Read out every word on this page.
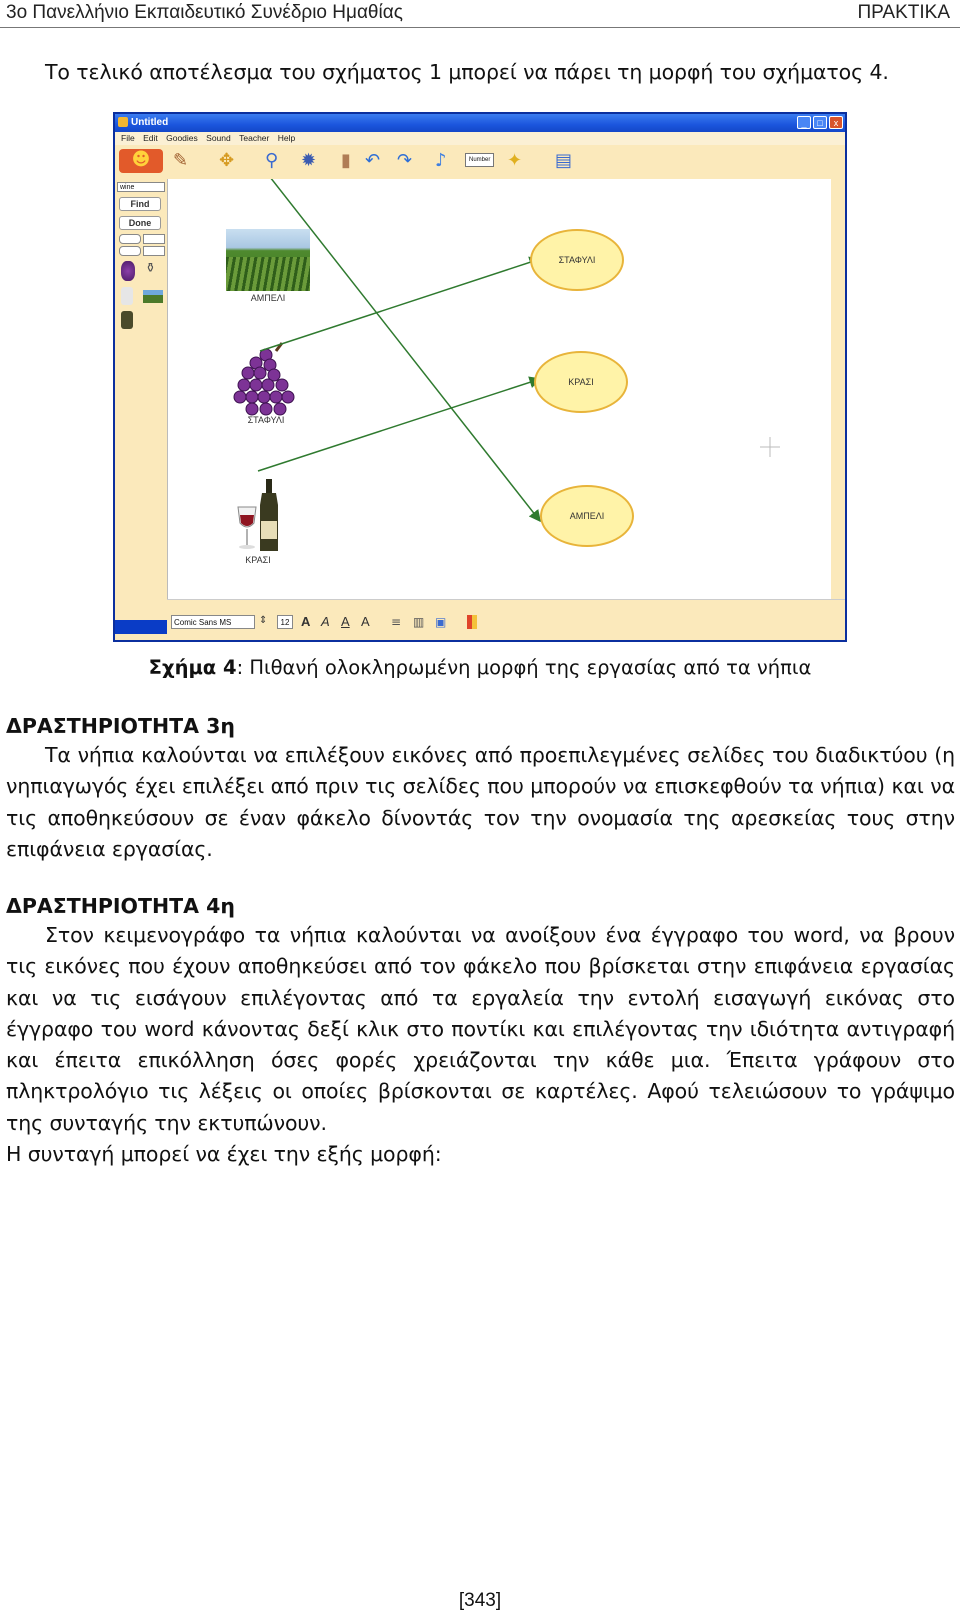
3ο Πανελλήνιο Εκπαιδευτικό Συνέδριο Ημαθίας	ΠΡΑΚΤΙΚΑ
Το τελικό αποτέλεσμα του σχήματος 1 μπορεί να πάρει τη μορφή του σχήματος 4.
Untitled	_	□	x
File Edit Goodies Sound Teacher Help
☻	✎ ✥ ⚲ ✹ ▮ ↶ ↷ ♪	Number ✦ ▤
wine
Find
Done
⚱
ΑΜΠΕΛΙ
ΣΤΑΦΥΛΙ
ΚΡΑΣΙ
ΣΤΑΦΥΛΙ
ΚΡΑΣΙ
ΑΜΠΕΛΙ
Comic Sans MS	⇕	12 A A A A ≡ ▥ ▣
Σχήμα 4: Πιθανή ολοκληρωμένη μορφή της εργασίας από τα νήπια
ΔΡΑΣΤΗΡΙΟΤΗΤΑ 3η

Τα νήπια καλούνται να επιλέξουν εικόνες από προεπιλεγμένες σελίδες του διαδικτύου (η νηπιαγωγός έχει επιλέξει από πριν τις σελίδες που μπορούν να επισκεφθούν τα νήπια) και να τις αποθηκεύσουν σε έναν φάκελο δίνοντάς τον την ονομασία της αρεσκείας τους στην επιφάνεια εργασίας.

ΔΡΑΣΤΗΡΙΟΤΗΤΑ 4η

Στον κειμενογράφο τα νήπια καλούνται να ανοίξουν ένα έγγραφο του word, να βρουν τις εικόνες που έχουν αποθηκεύσει από τον φάκελο που βρίσκεται στην επιφάνεια εργασίας και να τις εισάγουν επιλέγοντας από τα εργαλεία την εντολή εισαγωγή εικόνας στο έγγραφο του word κάνοντας δεξί κλικ στο ποντίκι και επιλέγοντας την ιδιότητα αντιγραφή και έπειτα επικόλληση όσες φορές χρειάζονται την κάθε μια. Έπειτα γράφουν στο πληκτρολόγιο τις λέξεις οι οποίες βρίσκονται σε καρτέλες. Αφού τελειώσουν το γράψιμο της συνταγής την εκτυπώνουν.

Η συνταγή μπορεί να έχει την εξής μορφή:

[343]
